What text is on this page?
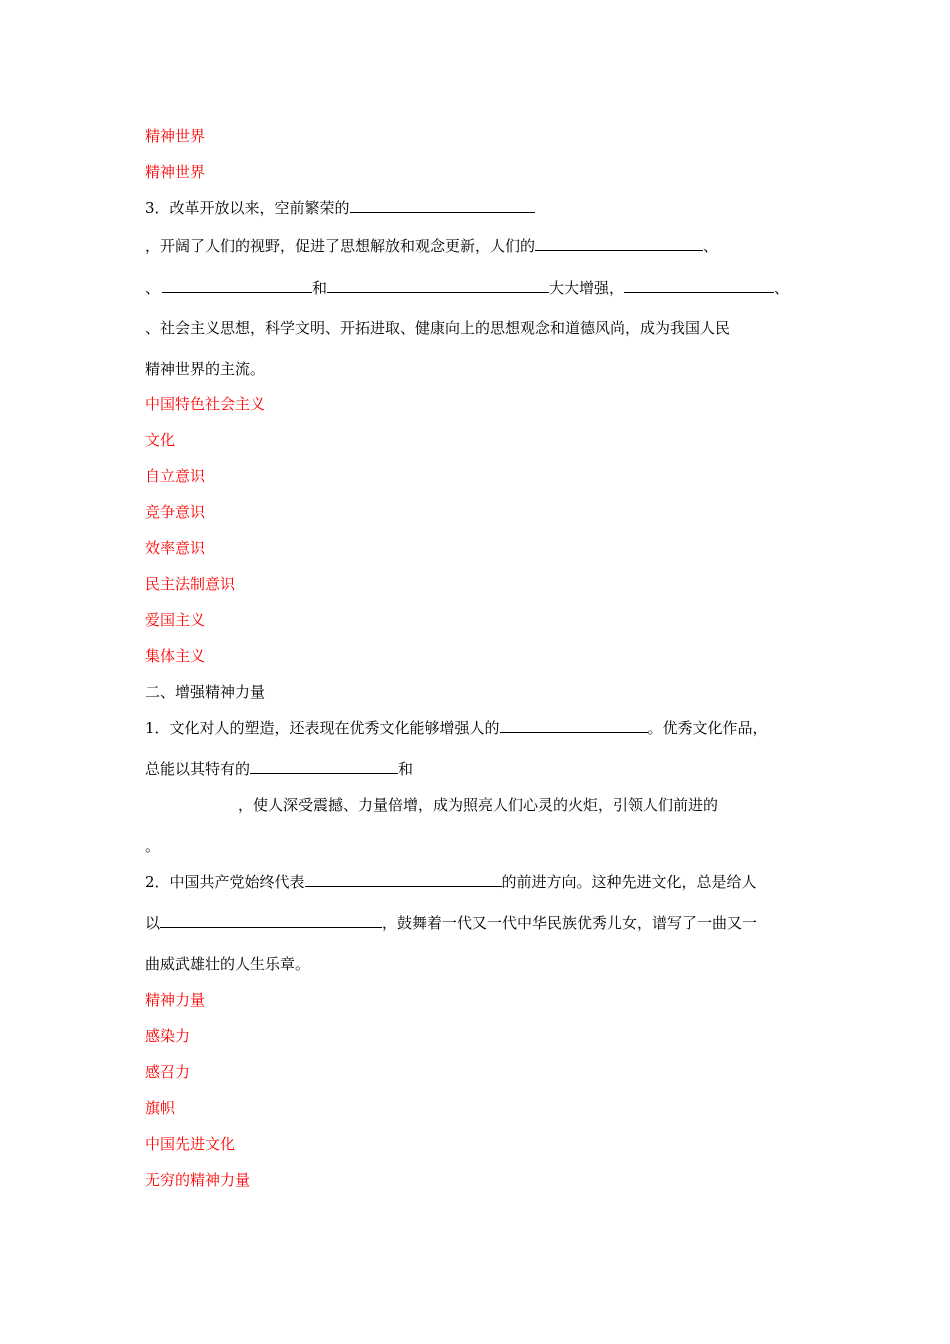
精神世界
精神世界
3．改革开放以来，空前繁荣的
，开阔了人们的视野，促进了思想解放和观念更新，人们的	、
、	和	大大增强，	、
、社会主义思想，科学文明、开拓进取、健康向上的思想观念和道德风尚，成为我国人民
精神世界的主流。
中国特色社会主义
文化
自立意识
竞争意识
效率意识
民主法制意识
爱国主义
集体主义
二、增强精神力量
1．文化对人的塑造，还表现在优秀文化能够增强人的	。优秀文化作品，
总能以其特有的	和
，使人深受震撼、力量倍增，成为照亮人们心灵的火炬，引领人们前进的
。
2．中国共产党始终代表	的前进方向。这种先进文化，总是给人
以	，鼓舞着一代又一代中华民族优秀儿女，谱写了一曲又一
曲威武雄壮的人生乐章。
精神力量
感染力
感召力
旗帜
中国先进文化
无穷的精神力量
